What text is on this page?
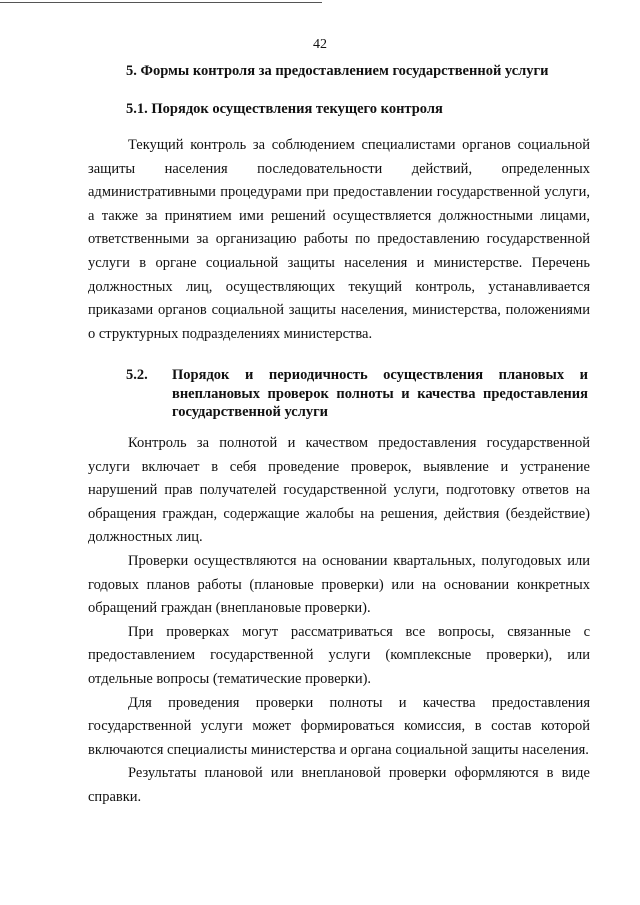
42
5. Формы контроля за предоставлением государственной услуги
5.1. Порядок осуществления текущего контроля

Текущий контроль за соблюдением специалистами органов социальной защиты населения последовательности действий, определенных административными процедурами при предоставлении государственной услуги, а также за принятием ими решений осуществляется должностными лицами, ответственными за организацию работы по предоставлению государственной услуги в органе социальной защиты населения и министерстве. Перечень должностных лиц, осуществляющих текущий контроль, устанавливается приказами органов социальной защиты населения, министерства, положениями о структурных подразделениях министерства.

5.2. Порядок и периодичность осуществления плановых и внеплановых проверок полноты и качества предоставления государственной услуги

Контроль за полнотой и качеством предоставления государственной услуги включает в себя проведение проверок, выявление и устранение нарушений прав получателей государственной услуги, подготовку ответов на обращения граждан, содержащие жалобы на решения, действия (бездействие) должностных лиц.

Проверки осуществляются на основании квартальных, полугодовых или годовых планов работы (плановые проверки) или на основании конкретных обращений граждан (внеплановые проверки).

При проверках могут рассматриваться все вопросы, связанные с предоставлением государственной услуги (комплексные проверки), или отдельные вопросы (тематические проверки).

Для проведения проверки полноты и качества предоставления государственной услуги может формироваться комиссия, в состав которой включаются специалисты министерства и органа социальной защиты населения.

Результаты плановой или внеплановой проверки оформляются в виде справки.
